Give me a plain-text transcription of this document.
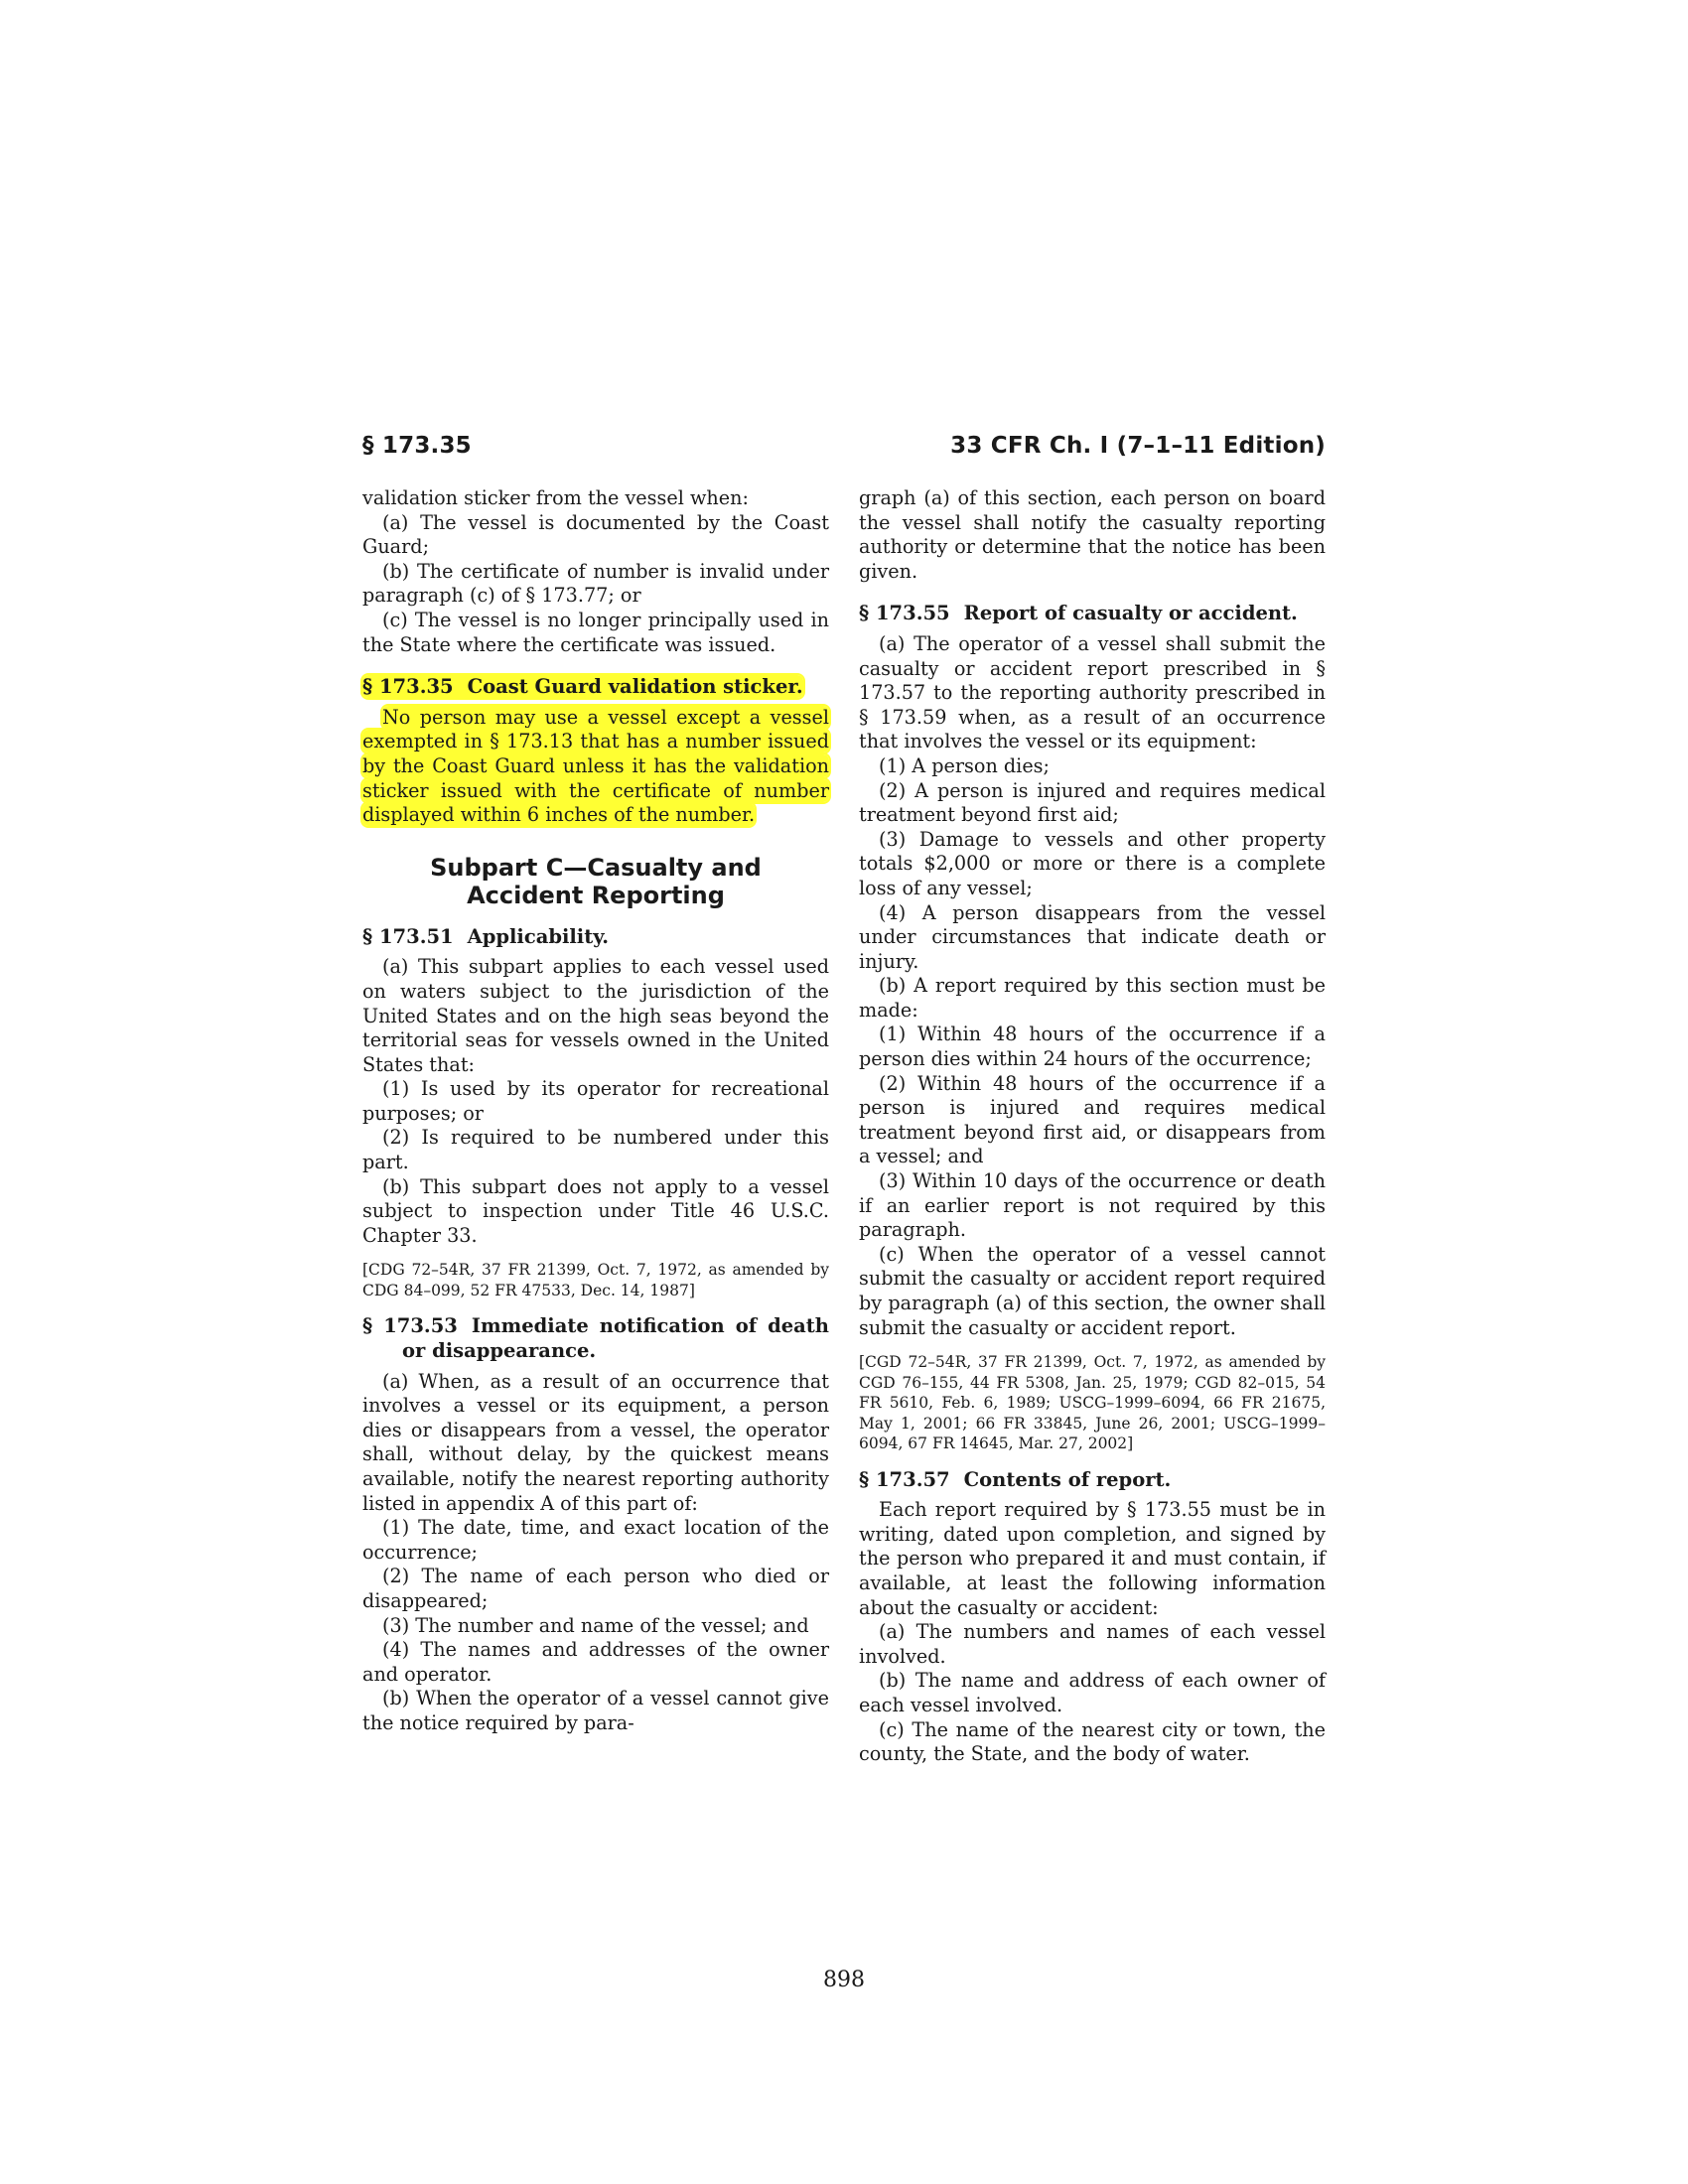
§ 173.35	33 CFR Ch. I (7–1–11 Edition)

validation sticker from the vessel when:

(a) The vessel is documented by the Coast Guard;

(b) The certificate of number is invalid under paragraph (c) of § 173.77; or

(c) The vessel is no longer principally used in the State where the certificate was issued.

§ 173.35 Coast Guard validation sticker.

No person may use a vessel except a vessel exempted in § 173.13 that has a number issued by the Coast Guard unless it has the validation sticker issued with the certificate of number displayed within 6 inches of the number.

Subpart C—Casualty and
Accident Reporting
§ 173.51 Applicability.

(a) This subpart applies to each vessel used on waters subject to the jurisdiction of the United States and on the high seas beyond the territorial seas for vessels owned in the United States that:

(1) Is used by its operator for recreational purposes; or

(2) Is required to be numbered under this part.

(b) This subpart does not apply to a vessel subject to inspection under Title 46 U.S.C. Chapter 33.

[CDG 72–54R, 37 FR 21399, Oct. 7, 1972, as amended by CDG 84–099, 52 FR 47533, Dec. 14, 1987]

§ 173.53 Immediate notification of death or disappearance.

(a) When, as a result of an occurrence that involves a vessel or its equipment, a person dies or disappears from a vessel, the operator shall, without delay, by the quickest means available, notify the nearest reporting authority listed in appendix A of this part of:

(1) The date, time, and exact location of the occurrence;

(2) The name of each person who died or disappeared;

(3) The number and name of the vessel; and

(4) The names and addresses of the owner and operator.

(b) When the operator of a vessel cannot give the notice required by para-

graph (a) of this section, each person on board the vessel shall notify the casualty reporting authority or determine that the notice has been given.

§ 173.55 Report of casualty or accident.

(a) The operator of a vessel shall submit the casualty or accident report prescribed in § 173.57 to the reporting authority prescribed in § 173.59 when, as a result of an occurrence that involves the vessel or its equipment:

(1) A person dies;

(2) A person is injured and requires medical treatment beyond first aid;

(3) Damage to vessels and other property totals $2,000 or more or there is a complete loss of any vessel;

(4) A person disappears from the vessel under circumstances that indicate death or injury.

(b) A report required by this section must be made:

(1) Within 48 hours of the occurrence if a person dies within 24 hours of the occurrence;

(2) Within 48 hours of the occurrence if a person is injured and requires medical treatment beyond first aid, or disappears from a vessel; and

(3) Within 10 days of the occurrence or death if an earlier report is not required by this paragraph.

(c) When the operator of a vessel cannot submit the casualty or accident report required by paragraph (a) of this section, the owner shall submit the casualty or accident report.

[CGD 72–54R, 37 FR 21399, Oct. 7, 1972, as amended by CGD 76–155, 44 FR 5308, Jan. 25, 1979; CGD 82–015, 54 FR 5610, Feb. 6, 1989; USCG–1999–6094, 66 FR 21675, May 1, 2001; 66 FR 33845, June 26, 2001; USCG–1999–6094, 67 FR 14645, Mar. 27, 2002]

§ 173.57 Contents of report.

Each report required by § 173.55 must be in writing, dated upon completion, and signed by the person who prepared it and must contain, if available, at least the following information about the casualty or accident:

(a) The numbers and names of each vessel involved.

(b) The name and address of each owner of each vessel involved.

(c) The name of the nearest city or town, the county, the State, and the body of water.

898
